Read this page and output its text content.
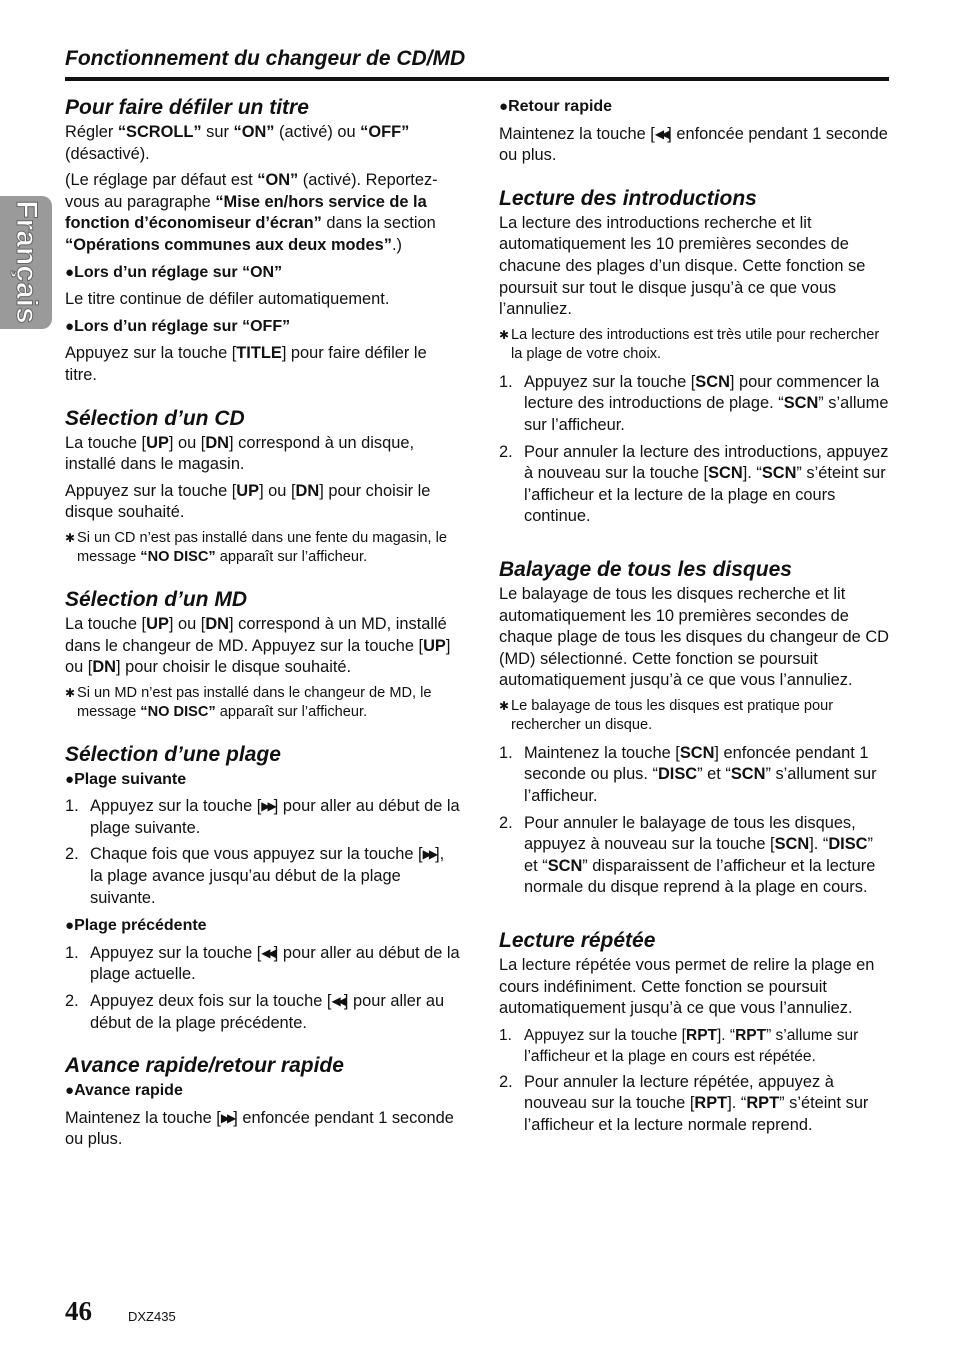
Fonctionnement du changeur de CD/MD
Français
Pour faire défiler un titre

Régler “SCROLL” sur “ON” (activé) ou “OFF” (désactivé).

(Le réglage par défaut est “ON” (activé). Reportez-vous au paragraphe “Mise en/hors service de la fonction d’économiseur d’écran” dans la section “Opérations communes aux deux modes”.)

●Lors d’un réglage sur “ON”

Le titre continue de défiler automatiquement.

●Lors d’un réglage sur “OFF”

Appuyez sur la touche [TITLE] pour faire défiler le titre.

Sélection d’un CD

La touche [UP] ou [DN] correspond à un disque, installé dans le magasin.

Appuyez sur la touche [UP] ou [DN] pour choisir le disque souhaité.

✱ Si un CD n’est pas installé dans une fente du magasin, le message “NO DISC” apparaît sur l’afficheur.
Sélection d’un MD

La touche [UP] ou [DN] correspond à un MD, installé dans le changeur de MD. Appuyez sur la touche [UP] ou [DN] pour choisir le disque souhaité.

✱ Si un MD n’est pas installé dans le changeur de MD, le message “NO DISC” apparaît sur l’afficheur.
Sélection d’une plage
●Plage suivante
1. Appuyez sur la touche [▶▶] pour aller au début de la plage suivante.
2. Chaque fois que vous appuyez sur la touche [▶▶], la plage avance jusqu’au début de la plage suivante.
●Plage précédente
1. Appuyez sur la touche [◀◀] pour aller au début de la plage actuelle.
2. Appuyez deux fois sur la touche [◀◀] pour aller au début de la plage précédente.
Avance rapide/retour rapide
●Avance rapide

Maintenez la touche [▶▶] enfoncée pendant 1 seconde ou plus.

●Retour rapide

Maintenez la touche [◀◀] enfoncée pendant 1 seconde ou plus.

Lecture des introductions

La lecture des introductions recherche et lit automatiquement les 10 premières secondes de chacune des plages d’un disque. Cette fonction se poursuit sur tout le disque jusqu’à ce que vous l’annuliez.

✱ La lecture des introductions est très utile pour rechercher la plage de votre choix.
1. Appuyez sur la touche [SCN] pour commencer la lecture des introductions de plage. “SCN” s’allume sur l’afficheur.
2. Pour annuler la lecture des introductions, appuyez à nouveau sur la touche [SCN]. “SCN” s’éteint sur l’afficheur et la lecture de la plage en cours continue.
Balayage de tous les disques

Le balayage de tous les disques recherche et lit automatiquement les 10 premières secondes de chaque plage de tous les disques du changeur de CD (MD) sélectionné. Cette fonction se poursuit automatiquement jusqu’à ce que vous l’annuliez.

✱ Le balayage de tous les disques est pratique pour rechercher un disque.
1. Maintenez la touche [SCN] enfoncée pendant 1 seconde ou plus. “DISC” et “SCN” s’allument sur l’afficheur.
2. Pour annuler le balayage de tous les disques, appuyez à nouveau sur la touche [SCN]. “DISC” et “SCN” disparaissent de l’afficheur et la lecture normale du disque reprend à la plage en cours.
Lecture répétée

La lecture répétée vous permet de relire la plage en cours indéfiniment. Cette fonction se poursuit automatiquement jusqu’à ce que vous l’annuliez.

1. Appuyez sur la touche [RPT]. “RPT” s’allume sur l’afficheur et la plage en cours est répétée.
2. Pour annuler la lecture répétée, appuyez à nouveau sur la touche [RPT]. “RPT” s’éteint sur l’afficheur et la lecture normale reprend.
46	DXZ435
